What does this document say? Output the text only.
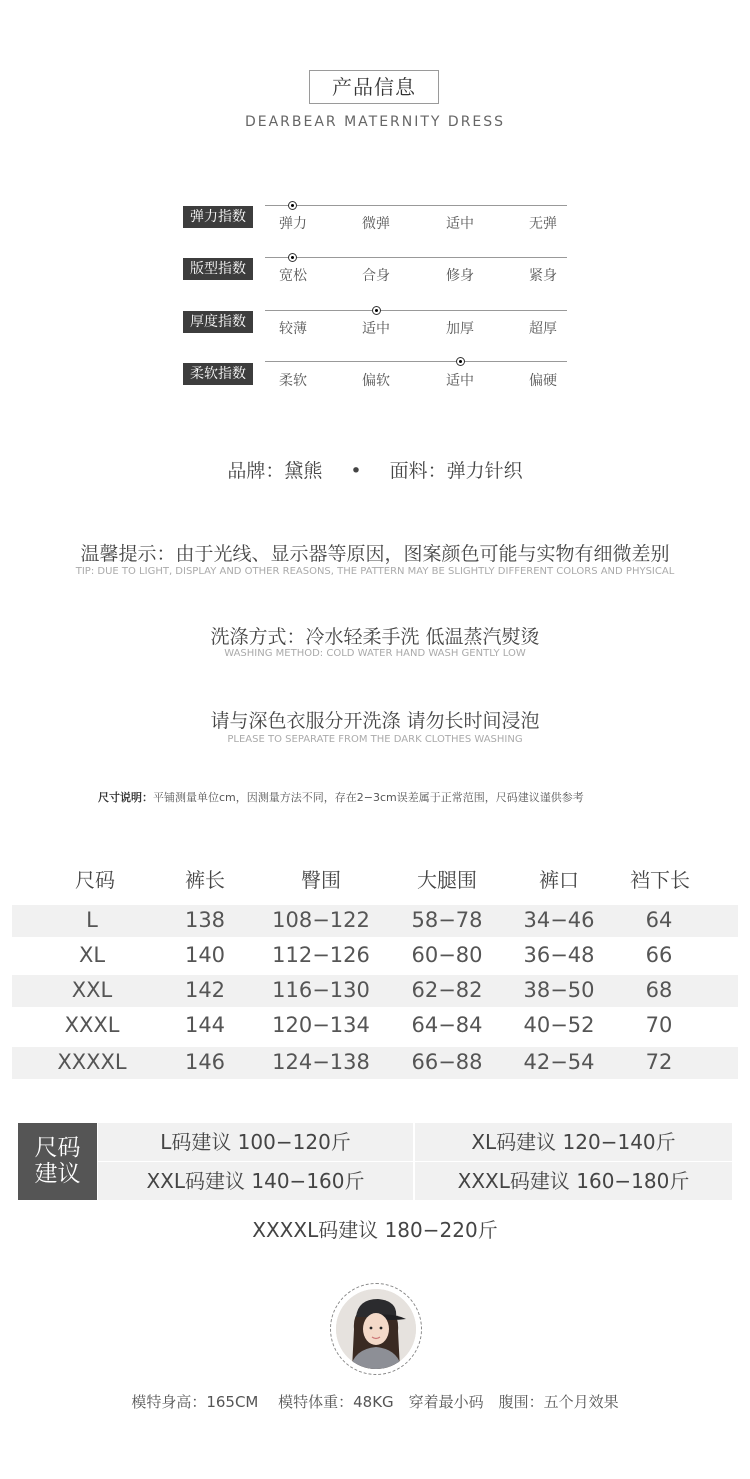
产品信息
DEARBEAR MATERNITY DRESS
弹力指数	弹力	微弹	适中	无弹
版型指数	宽松	合身	修身	紧身
厚度指数	较薄	适中	加厚	超厚
柔软指数	柔软	偏软	适中	偏硬
品牌：黛熊 • 面料：弹力针织
温馨提示：由于光线、显示器等原因，图案颜色可能与实物有细微差别
TIP: DUE TO LIGHT, DISPLAY AND OTHER REASONS, THE PATTERN MAY BE SLIGHTLY DIFFERENT COLORS AND PHYSICAL
洗涤方式：冷水轻柔手洗 低温蒸汽熨烫
WASHING METHOD: COLD WATER HAND WASH GENTLY LOW
请与深色衣服分开洗涤 请勿长时间浸泡
PLEASE TO SEPARATE FROM THE DARK CLOTHES WASHING
尺寸说明：平铺测量单位cm，因测量方法不同，存在2−3cm误差属于正常范围，尺码建议谨供参考
尺码	裤长	臀围	大腿围	裤口	裆下长
L	138	108−122	58−78	34−46	64
XL	140	112−126	60−80	36−48	66
XXL	142	116−130	62−82	38−50	68
XXXL	144	120−134	64−84	40−52	70
XXXXL	146	124−138	66−88	42−54	72
尺码
建议
L码建议 100−120斤	XL码建议 120−140斤
XXL码建议 140−160斤	XXXL码建议 160−180斤
XXXXL码建议 180−220斤
模特身高：165CM　 模特体重：48KG　穿着最小码　腹围：五个月效果
